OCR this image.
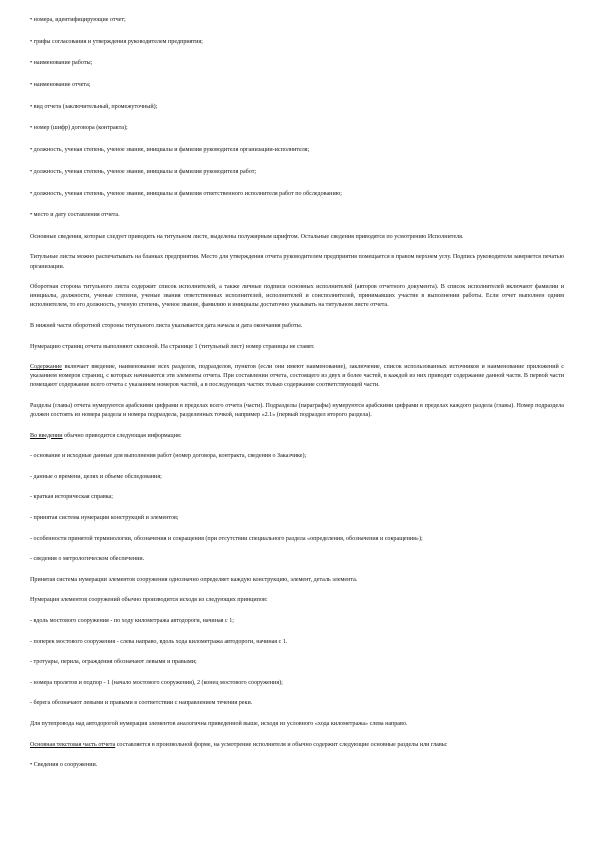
• номера, идентифицирующие отчет;

• грифы согласования и утверждения руководителем предприятия;

• наименование работы;

• наименование отчета;

• вид отчета (заключительный, промежуточный);

• номер (шифр) договора (контракта);

• должность, ученая степень, ученое звание, инициалы и фамилия руководителя организации-исполнителя;

• должность, ученая степень, ученое звание, инициалы и фамилия руководителя работ;

• должность, ученая степень, ученое звание, инициалы и фамилия ответственного исполнителя работ по обследованию;

• место и дату составления отчета.

Основные сведения, которые следует приводить на титульном листе, выделены полужирным шрифтом. Остальные сведения приводятся по усмотрению Исполнителя.

Титульные листы можно распечатывать на бланках предприятия. Место для утверждения отчета руководителем предприятия помещается в правом верхнем углу. Подпись руководителя заверяется печатью организации.

Оборотная сторона титульного листа содержит список исполнителей, а также личные подписи основных исполнителей (авторов отчетного документа). В список исполнителей включают фамилии и инициалы, должности, ученые степени, ученые звания ответственных исполнителей, исполнителей и соисполнителей, принимавших участие в выполнении работы. Если отчет выполнен одним исполнителем, то его должность, ученую степень, ученое звание, фамилию и инициалы достаточно указывать на титульном листе отчета.

В нижней части оборотной стороны титульного листа указывается дата начала и дата окончания работы.

Нумерацию страниц отчета выполняют сквозной. На странице 1 (титульный лист) номер страницы не ставят.

Содержание включает введение, наименование всех разделов, подразделов, пунктов (если они имеют наименование), заключение, список использованных источников и наименование приложений с указанием номеров страниц, с которых начинаются эти элементы отчета. При составлении отчета, состоящего из двух и более частей, в каждой из них приводят содержание данной части. В первой части помещают содержание всего отчета с указанием номеров частей, а в последующих частях только содержание соответствующей части.

Разделы (главы) отчета нумеруются арабскими цифрами в пределах всего отчета (части). Подразделы (параграфы) нумеруются арабскими цифрами в пределах каждого раздела (главы). Номер подраздела должен состоять из номера раздела и номера подраздела, разделенных точкой, например «2.1» (первый подраздел второго раздела).

Во введении обычно приводится следующая информация:

- основание и исходные данные для выполнения работ (номер договора, контракта, сведения о Заказчике);

- данные о времени, целях и объеме обследования;

- краткая историческая справка;

- принятая система нумерации конструкций и элементов;

- особенности принятой терминологии, обозначения и сокращения (при отсутствии специального раздела «определения, обозначения и сокращения»);

- сведения о метрологическом обеспечении.

Принятая система нумерации элементов сооружения однозначно определяет каждую конструкцию, элемент, деталь элемента.

Нумерация элементов сооружений обычно производится исходя из следующих принципов:

- вдоль мостового сооружения - по ходу километража автодороги, начиная с 1;

- поперек мостового сооружения - слева направо, вдоль хода километража автодороги, начиная с 1.

- тротуары, перила, ограждения обозначают левыми и правыми;

- номера пролетов и подпор - 1 (начало мостового сооружения), 2 (конец мостового сооружения);

- берега обозначают левыми и правыми в соответствии с направлением течения реки.

Для путепровода над автодорогой нумерация элементов аналогична приведенной выше, исходя из условного «хода километража» слева направо.

Основная текстовая часть отчета составляется в произвольной форме, на усмотрение исполнителя и обычно содержит следующие основные разделы или главы:

• Сведения о сооружении.
